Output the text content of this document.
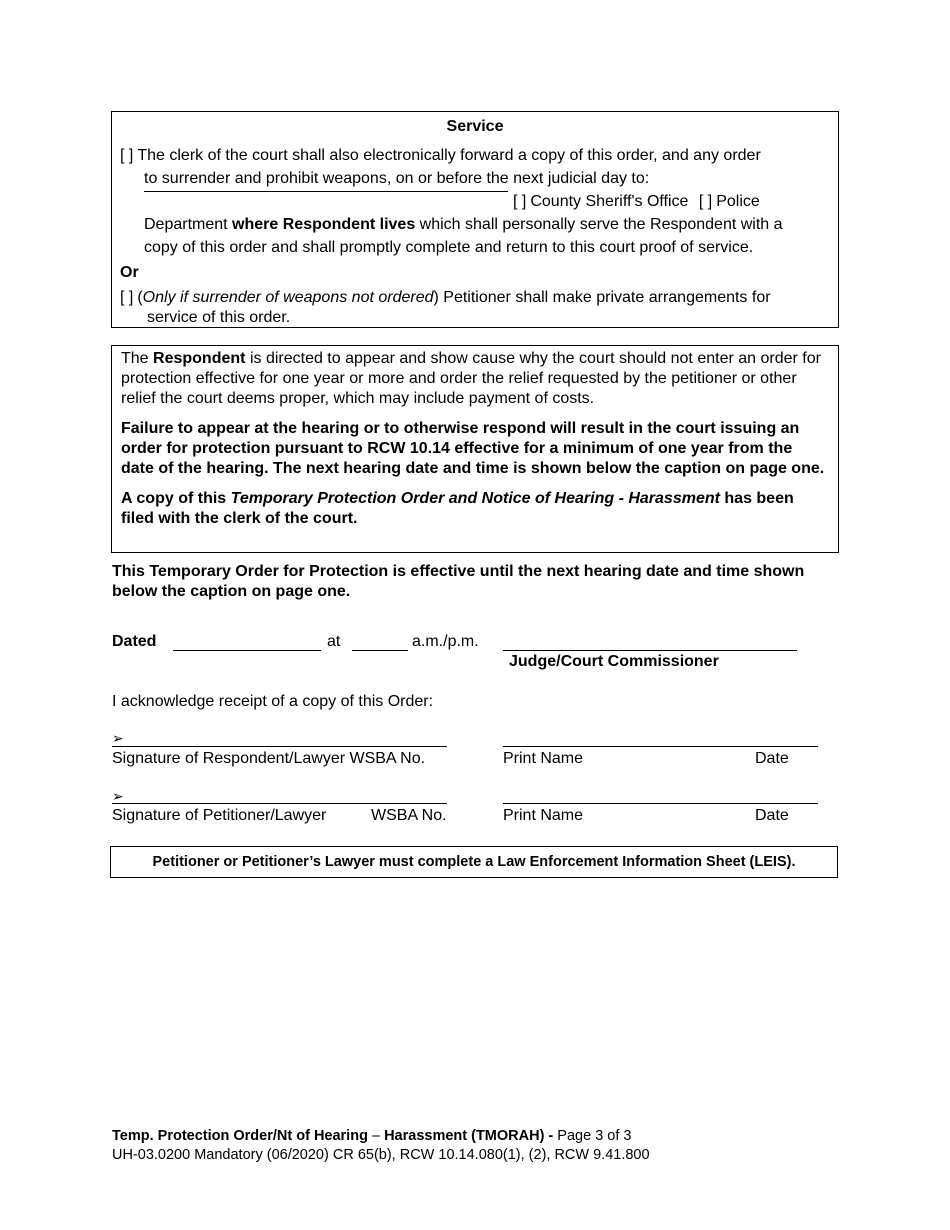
Service
[ ] The clerk of the court shall also electronically forward a copy of this order, and any order
to surrender and prohibit weapons, on or before the next judicial day to:
[ ] County Sheriff's Office [ ] Police
Department where Respondent lives which shall personally serve the Respondent with a
copy of this order and shall promptly complete and return to this court proof of service.
Or
[ ] (Only if surrender of weapons not ordered) Petitioner shall make private arrangements for
service of this order.

The Respondent is directed to appear and show cause why the court should not enter an order for protection effective for one year or more and order the relief requested by the petitioner or other relief the court deems proper, which may include payment of costs.

Failure to appear at the hearing or to otherwise respond will result in the court issuing an order for protection pursuant to RCW 10.14 effective for a minimum of one year from the date of the hearing. The next hearing date and time is shown below the caption on page one.

A copy of this Temporary Protection Order and Notice of Hearing - Harassment has been filed with the clerk of the court.

This Temporary Order for Protection is effective until the next hearing date and time shown below the caption on page one.

Dated	at	a.m./p.m.
Judge/Court Commissioner
I acknowledge receipt of a copy of this Order:
➢
Signature of Respondent/Lawyer WSBA No.	Print Name	Date
➢
Signature of Petitioner/Lawyer	WSBA No.	Print Name	Date
Petitioner or Petitioner’s Lawyer must complete a Law Enforcement Information Sheet (LEIS).
Temp. Protection Order/Nt of Hearing – Harassment (TMORAH) - Page 3 of 3
UH-03.0200 Mandatory (06/2020) CR 65(b), RCW 10.14.080(1), (2), RCW 9.41.800
